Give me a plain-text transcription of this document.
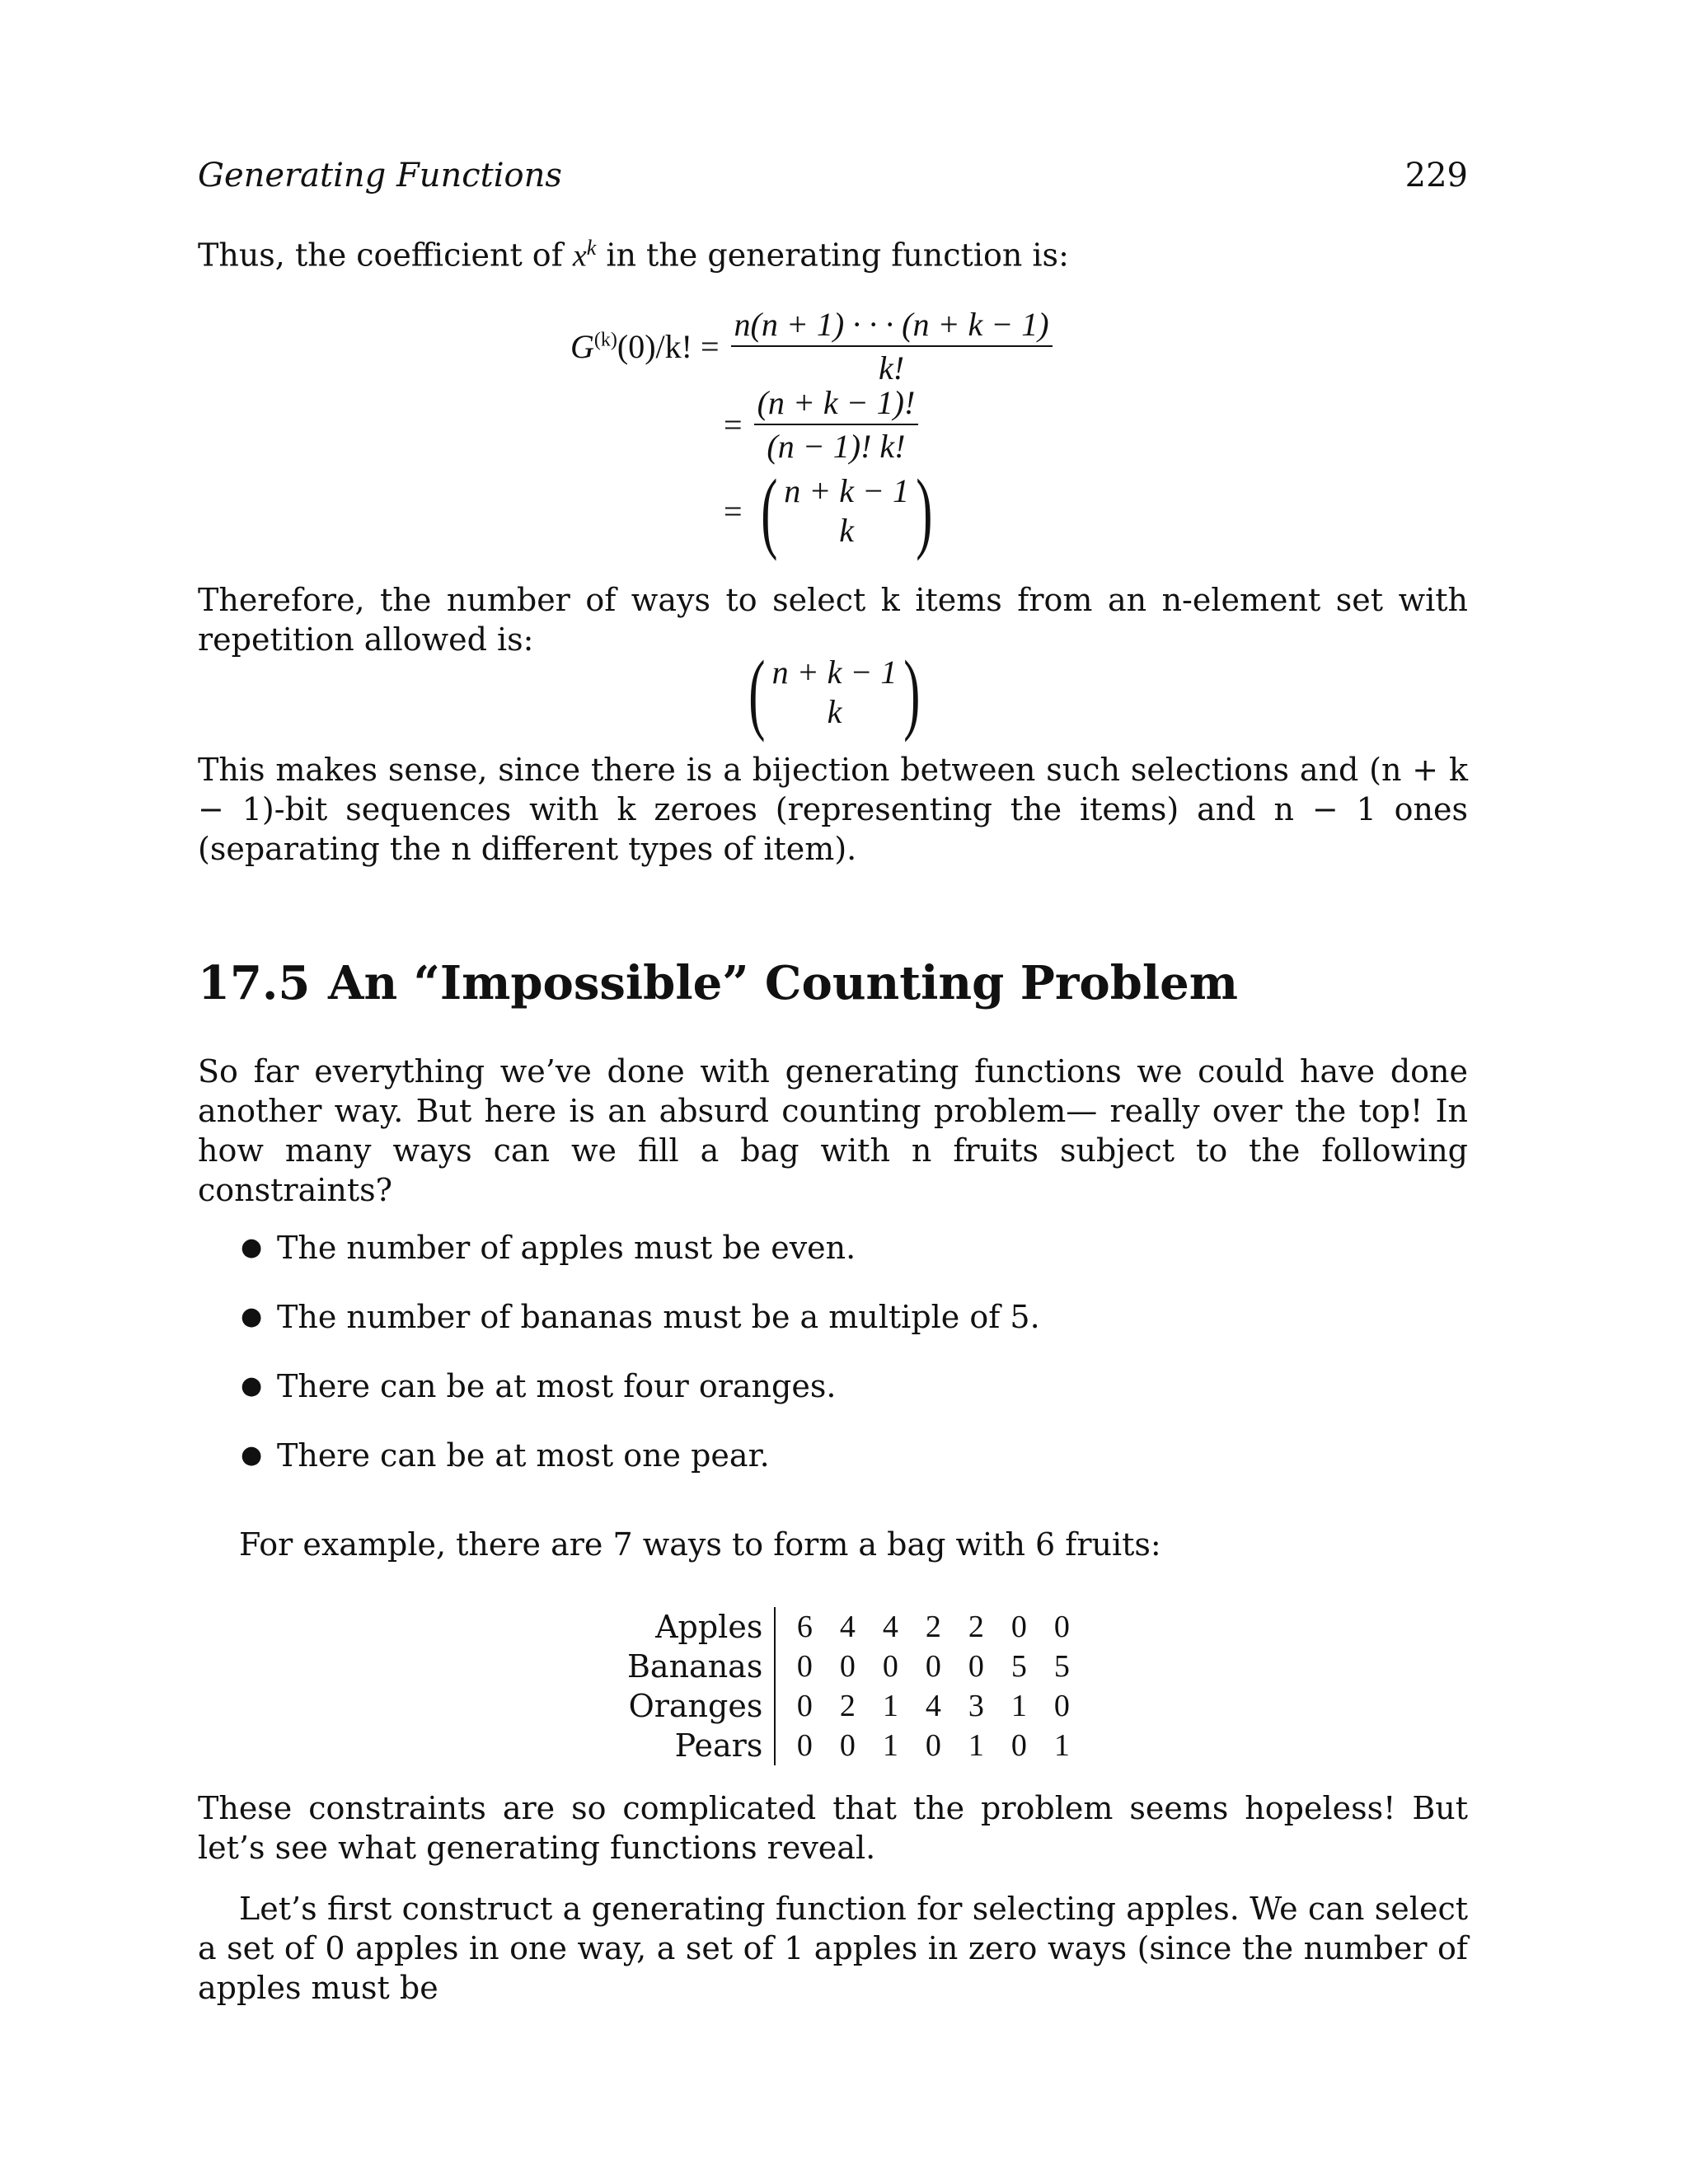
Generating Functions	229
Thus, the coefficient of $x^k$ in the generating function is:
$G^{(k)}(0)/k$! = $\frac{n(n + 1) \cdot \cdot \cdot (n + k - 1)}{k!}$
= $\frac{(n + k - 1)!}{(n - 1)! k!}$
= ( n + k − 1
k )
Therefore, the number of ways to select k items from an n-element set with repetition allowed is:
( n + k − 1
k )
This makes sense, since there is a bijection between such selections and (n + k − 1)-bit sequences with k zeroes (representing the items) and n − 1 ones (separating the n different types of item).
17.5 An “Impossible” Counting Problem
So far everything we’ve done with generating functions we could have done another way. But here is an absurd counting problem— really over the top! In how many ways can we fill a bag with n fruits subject to the following constraints?
● The number of apples must be even.
● The number of bananas must be a multiple of 5.
● There can be at most four oranges.
● There can be at most one pear.
For example, there are 7 ways to form a bag with 6 fruits:
Apples	6	4	4	2	2	0	0
Bananas	0	0	0	0	0	5	5
Oranges	0	2	1	4	3	1	0
Pears	0	0	1	0	1	0	1
These constraints are so complicated that the problem seems hopeless! But let’s see what generating functions reveal.
Let’s first construct a generating function for selecting apples. We can select a set of 0 apples in one way, a set of 1 apples in zero ways (since the number of apples must be
